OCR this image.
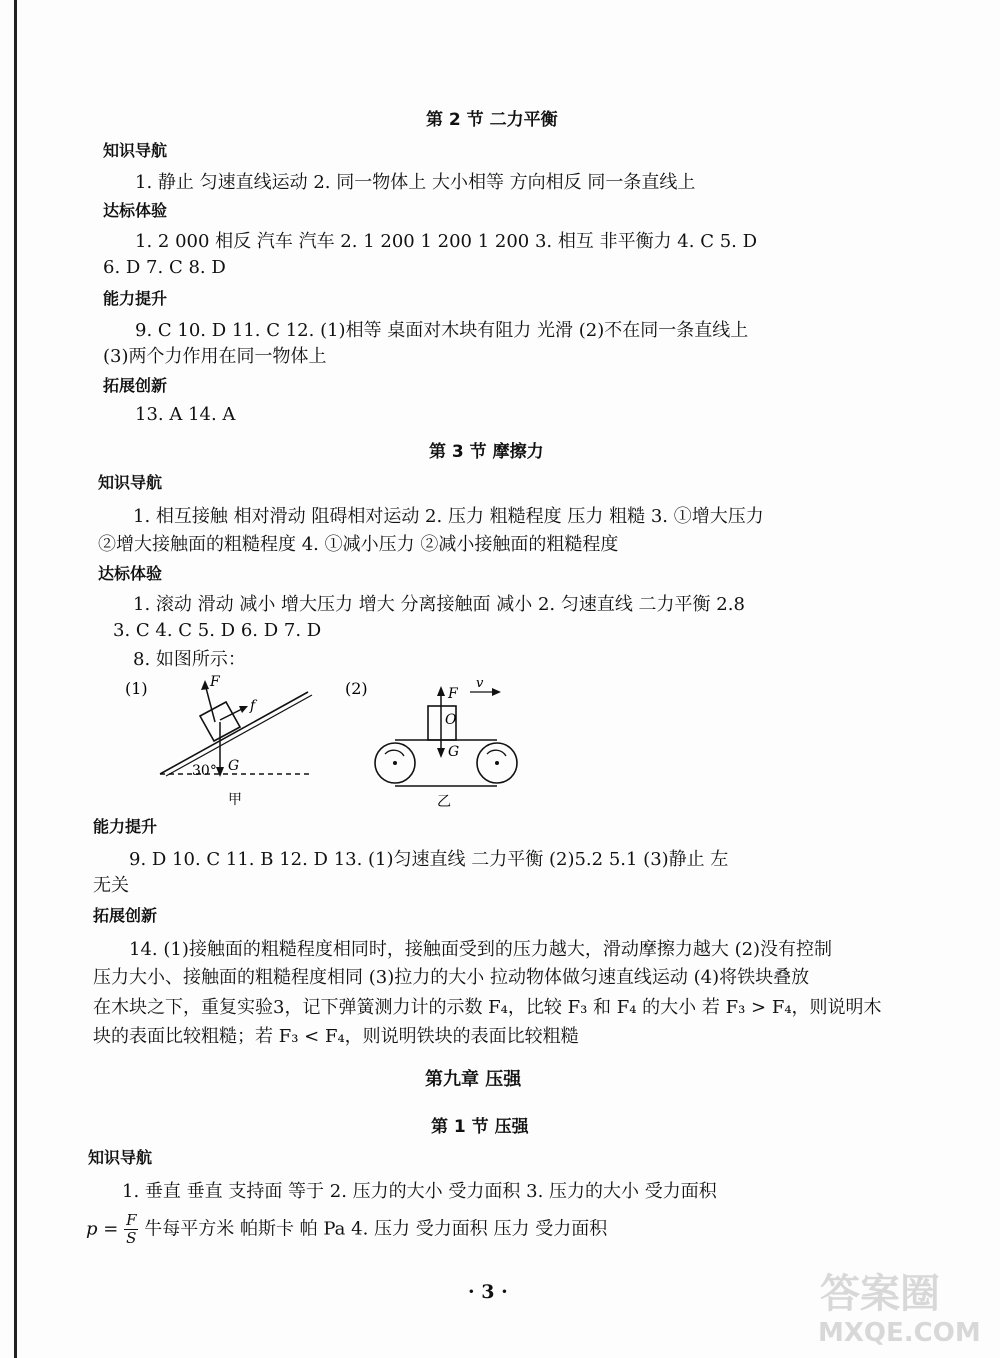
第 2 节 二力平衡
知识导航
1. 静止 匀速直线运动 2. 同一物体上 大小相等 方向相反 同一条直线上
达标体验
1. 2 000 相反 汽车 汽车 2. 1 200 1 200 1 200 3. 相互 非平衡力 4. C 5. D
6. D 7. C 8. D
能力提升
9. C 10. D 11. C 12. (1)相等 桌面对木块有阻力 光滑 (2)不在同一条直线上
(3)两个力作用在同一物体上
拓展创新
13. A 14. A
第 3 节 摩擦力
知识导航
1. 相互接触 相对滑动 阻碍相对运动 2. 压力 粗糙程度 压力 粗糙 3. ①增大压力
②增大接触面的粗糙程度 4. ①减小压力 ②减小接触面的粗糙程度
达标体验
1. 滚动 滑动 减小 增大压力 增大 分离接触面 减小 2. 匀速直线 二力平衡 2.8
3. C 4. C 5. D 6. D 7. D
8. 如图所示：
(1)	F
f
G
30°
甲
(2)	F
v
O
G
乙
能力提升
9. D 10. C 11. B 12. D 13. (1)匀速直线 二力平衡 (2)5.2 5.1 (3)静止 左
无关
拓展创新
14. (1)接触面的粗糙程度相同时，接触面受到的压力越大，滑动摩擦力越大 (2)没有控制
压力大小、接触面的粗糙程度相同 (3)拉力的大小 拉动物体做匀速直线运动 (4)将铁块叠放
在木块之下，重复实验3，记下弹簧测力计的示数 F₄，比较 F₃ 和 F₄ 的大小 若 F₃ > F₄，则说明木
块的表面比较粗糙；若 F₃ < F₄，则说明铁块的表面比较粗糙
第九章 压强
第 1 节 压强
知识导航
1. 垂直 垂直 支持面 等于 2. 压力的大小 受力面积 3. 压力的大小 受力面积
$p = \frac{F}{S}$ 牛每平方米 帕斯卡 帕 Pa 4. 压力 受力面积 压力 受力面积
· 3 ·	答案圈
MXQE.COM
